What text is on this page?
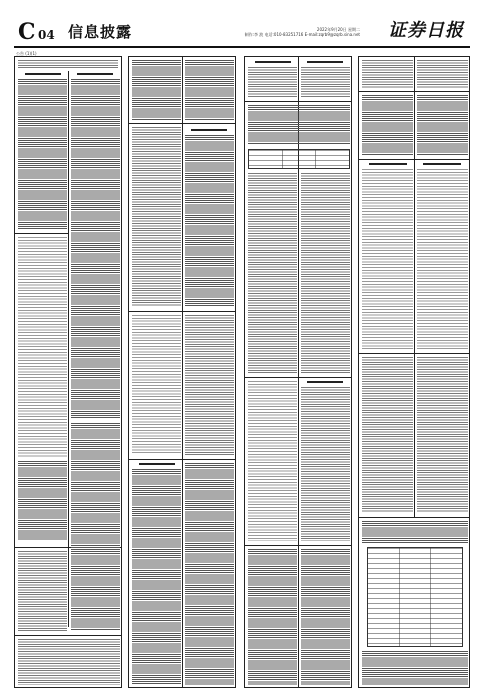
C 04 信息披露	2022年9月20日 星期二
制作:李 波 电话:010-83251716 E-mail:zqrb9@zqrb.sina.net 证券日报
公告 (1)(1)
